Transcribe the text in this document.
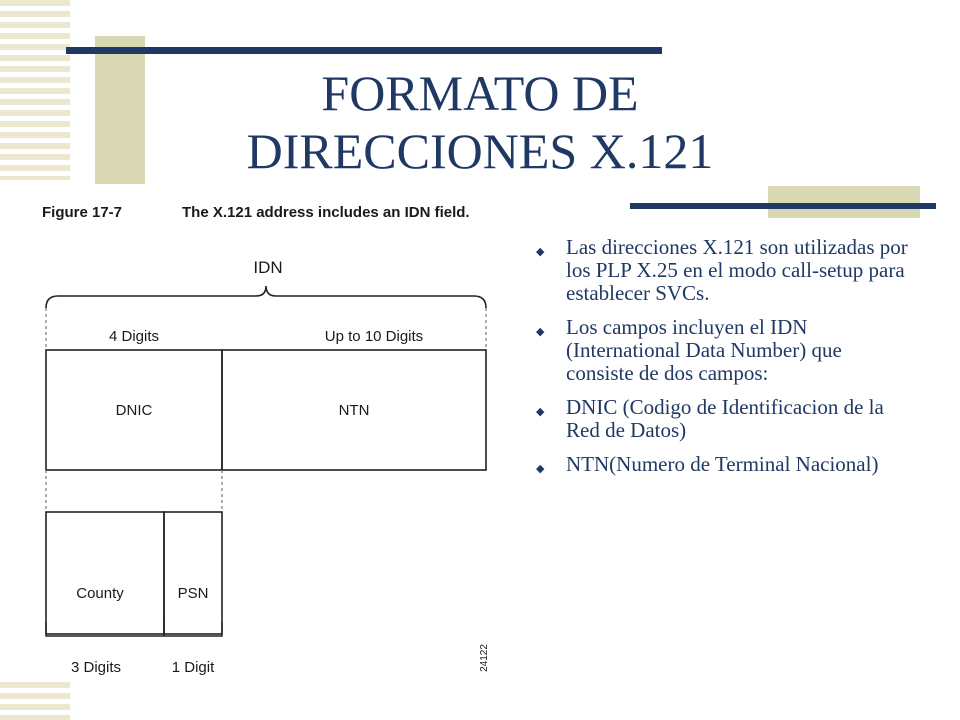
FORMATO DE
DIRECCIONES X.121
Figure 17-7	The X.121 address includes an IDN field.
IDN
4 Digits	Up to 10 Digits
DNIC	NTN
County	PSN
3 Digits	1 Digit	24122
◆ Las direcciones X.121 son utilizadas por los PLP X.25 en el modo call-setup para establecer SVCs.
◆ Los campos incluyen el IDN (International Data Number) que consiste de dos campos:
◆ DNIC (Codigo de Identificacion de la Red de Datos)
◆ NTN(Numero de Terminal Nacional)
